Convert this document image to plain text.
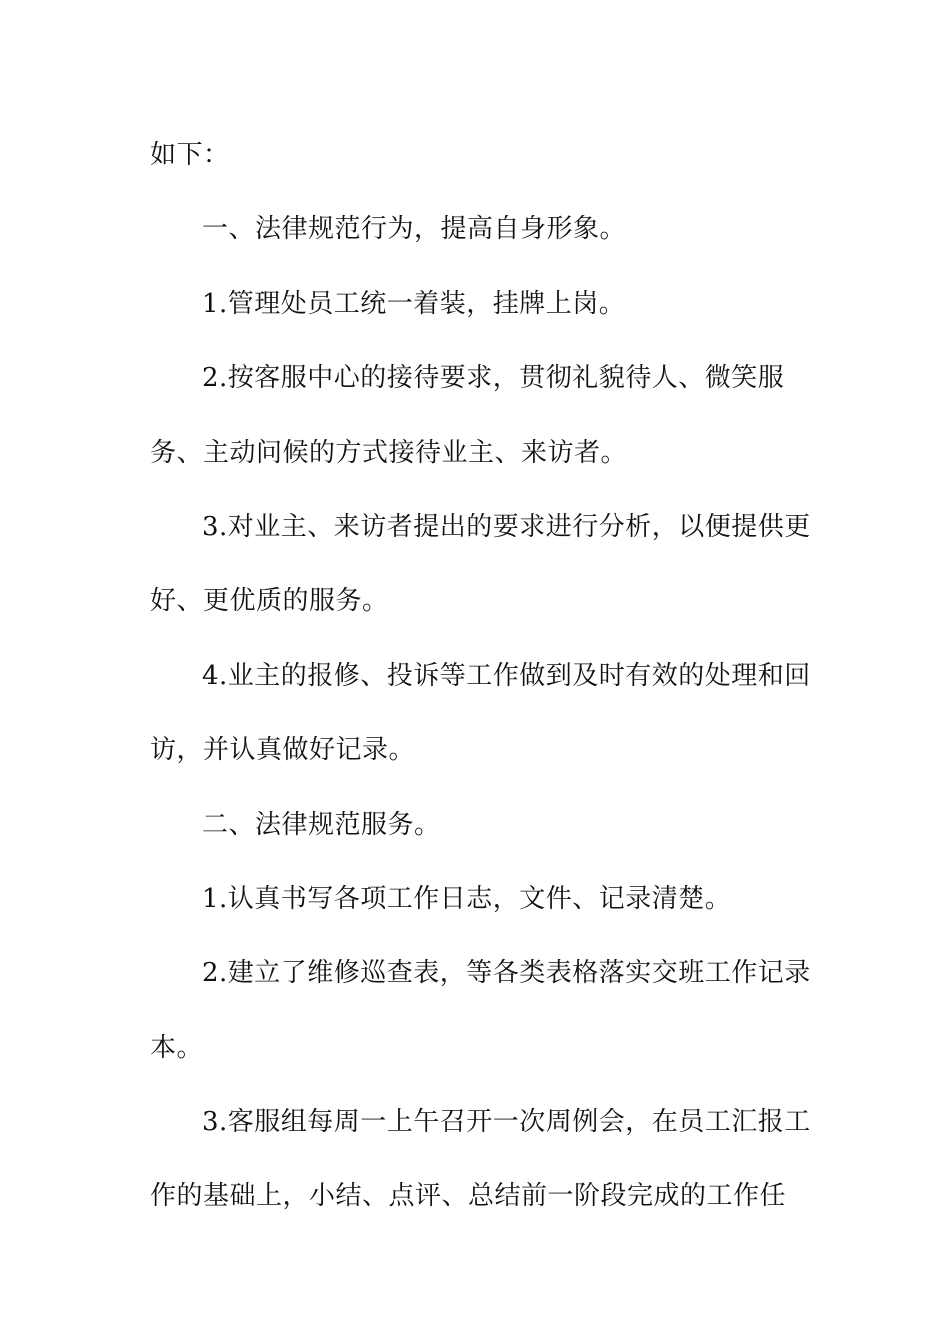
如下：
一、法律规范行为，提高自身形象。
1.管理处员工统一着装，挂牌上岗。
2.按客服中心的接待要求，贯彻礼貌待人、微笑服
务、主动问候的方式接待业主、来访者。
3.对业主、来访者提出的要求进行分析，以便提供更
好、更优质的服务。
4.业主的报修、投诉等工作做到及时有效的处理和回
访，并认真做好记录。
二、法律规范服务。
1.认真书写各项工作日志，文件、记录清楚。
2.建立了维修巡查表，等各类表格落实交班工作记录
本。
3.客服组每周一上午召开一次周例会，在员工汇报工
作的基础上，小结、点评、总结前一阶段完成的工作任
